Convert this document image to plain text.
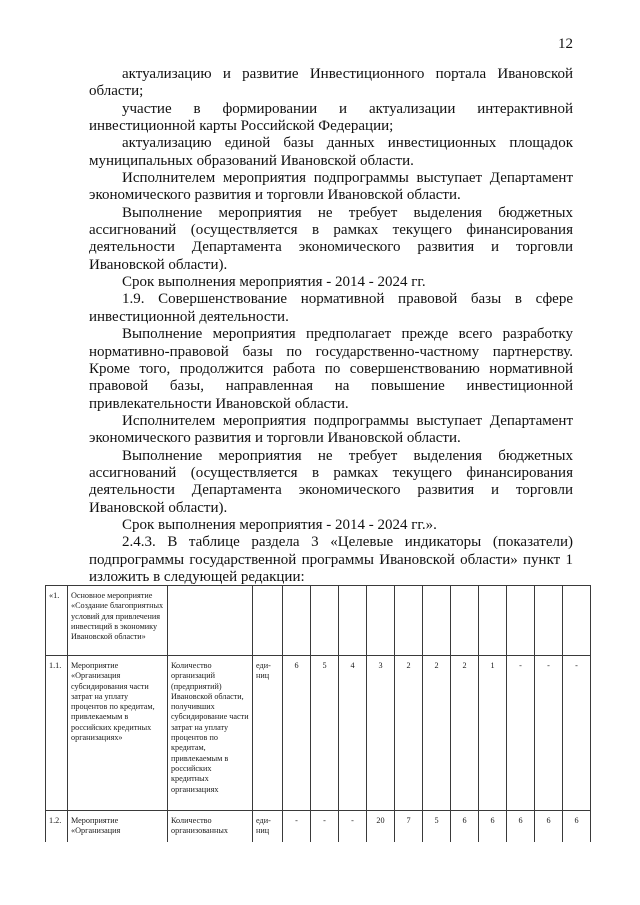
12
актуализацию и развитие Инвестиционного портала Ивановской
области;
участие в формировании и актуализации интерактивной
инвестиционной карты Российской Федерации;
актуализацию единой базы данных инвестиционных площадок
муниципальных образований Ивановской области.
Исполнителем мероприятия подпрограммы выступает Департамент
экономического развития и торговли Ивановской области.
Выполнение мероприятия не требует выделения бюджетных
ассигнований (осуществляется в рамках текущего финансирования
деятельности Департамента экономического развития и торговли
Ивановской области).
Срок выполнения мероприятия - 2014 - 2024 гг.
1.9. Совершенствование нормативной правовой базы в сфере
инвестиционной деятельности.
Выполнение мероприятия предполагает прежде всего разработку
нормативно-правовой базы по государственно-частному партнерству.
Кроме того, продолжится работа по совершенствованию нормативной
правовой базы, направленная на повышение инвестиционной
привлекательности Ивановской области.
Исполнителем мероприятия подпрограммы выступает Департамент
экономического развития и торговли Ивановской области.
Выполнение мероприятия не требует выделения бюджетных
ассигнований (осуществляется в рамках текущего финансирования
деятельности Департамента экономического развития и торговли
Ивановской области).
Срок выполнения мероприятия - 2014 - 2024 гг.».
2.4.3. В таблице раздела 3 «Целевые индикаторы (показатели)
подпрограммы государственной программы Ивановской области» пункт 1
изложить в следующей редакции:
«1.	Основное мероприятие «Создание благоприятных условий для привлечения инвестиций в экономику Ивановской области»													
1.1.	Мероприятие «Организация субсидирования части затрат на уплату процентов по кредитам, привлекаемым в российских кредитных организациях»	Количество организаций (предприятий) Ивановской области, получивших субсидирование части затрат на уплату процентов по кредитам, привлекаемым в российских кредитных организациях	еди-ниц	6	5	4	3	2	2	2	1	-	-	-
1.2.	Мероприятие «Организация	Количество организованных	еди-ниц	-	-	-	20	7	5	6	6	6	6	6
